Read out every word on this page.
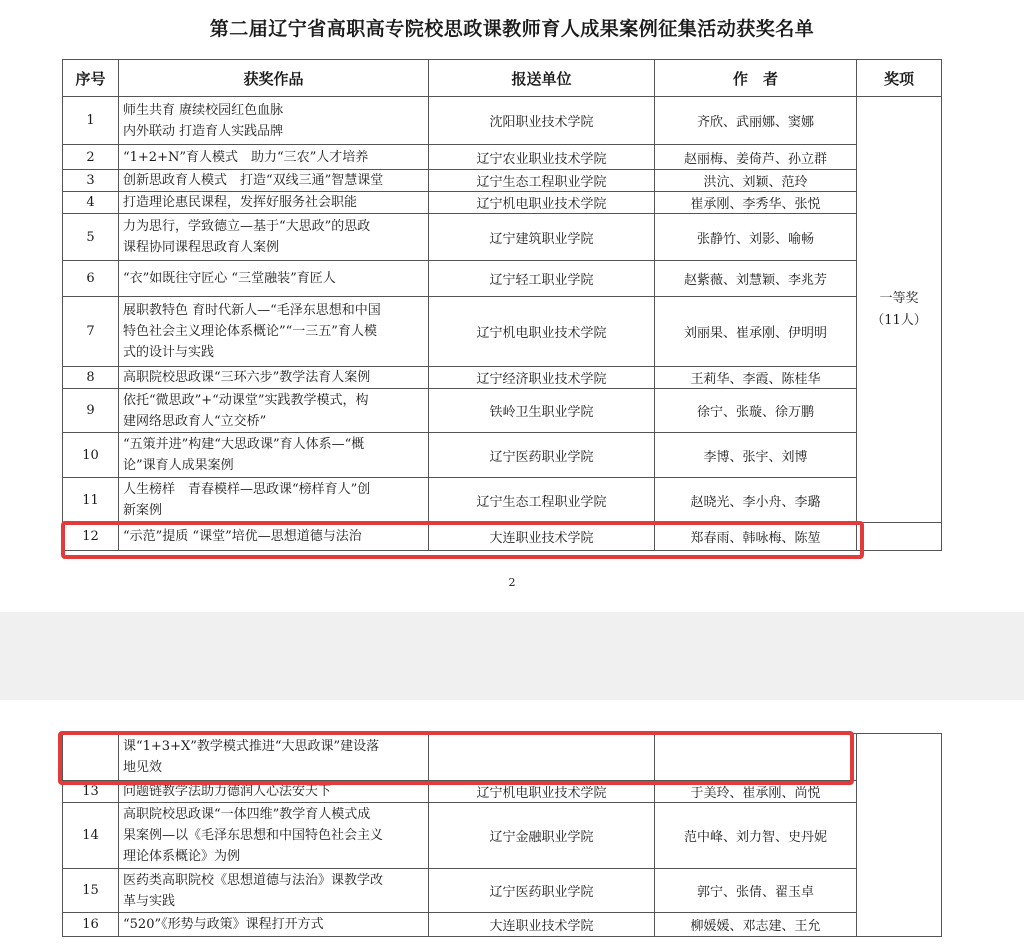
第二届辽宁省高职高专院校思政课教师育人成果案例征集活动获奖名单
序号	获奖作品	报送单位	作　者	奖项
1	师生共育 赓续校园红色血脉
内外联动 打造育人实践品牌	沈阳职业技术学院	齐欣、武丽娜、窦娜	一等奖
（11人）
2	“1+2+N”育人模式　助力“三农”人才培养	辽宁农业职业技术学院	赵丽梅、姜倚芦、孙立群	
3	创新思政育人模式　打造“双线三通”智慧课堂	辽宁生态工程职业学院	洪沆、刘颖、范玲	
4	打造理论惠民课程，发挥好服务社会职能	辽宁机电职业技术学院	崔承刚、李秀华、张悦	
5	力为思行，学致德立—基于“大思政”的思政
课程协同课程思政育人案例	辽宁建筑职业学院	张静竹、刘影、喻畅	
6	“衣”如既往守匠心 “三堂融装”育匠人	辽宁轻工职业学院	赵紫薇、刘慧颖、李兆芳	
7	展职教特色 育时代新人—“毛泽东思想和中国
特色社会主义理论体系概论”“一三五”育人模
式的设计与实践	辽宁机电职业技术学院	刘丽果、崔承刚、伊明明	
8	高职院校思政课“三环六步”教学法育人案例	辽宁经济职业技术学院	王莉华、李霞、陈桂华	
9	依托“微思政”+“动课堂”实践教学模式，构
建网络思政育人“立交桥”	铁岭卫生职业学院	徐宁、张璇、徐万鹏	
10	“五策并进”构建“大思政课”育人体系—“概
论”课育人成果案例	辽宁医药职业学院	李博、张宇、刘博	
11	人生榜样　青春模样—思政课“榜样育人”创
新案例	辽宁生态工程职业学院	赵晓光、李小舟、李璐	
12	“示范”提质 “课堂”培优—思想道德与法治	大连职业技术学院	郑春雨、韩咏梅、陈堃	
2
	课“1+3+X”教学模式推进“大思政课”建设落
地见效			
13	问题链教学法助力德润人心法安天下	辽宁机电职业技术学院	于美玲、崔承刚、尚悦	
14	高职院校思政课“一体四维”教学育人模式成
果案例—以《毛泽东思想和中国特色社会主义
理论体系概论》为例	辽宁金融职业学院	范中峰、刘力智、史丹妮	
15	医药类高职院校《思想道德与法治》课教学改
革与实践	辽宁医药职业学院	郭宁、张倩、翟玉卓	
16	“520”《形势与政策》课程打开方式	大连职业技术学院	柳媛媛、邓志建、王允	
